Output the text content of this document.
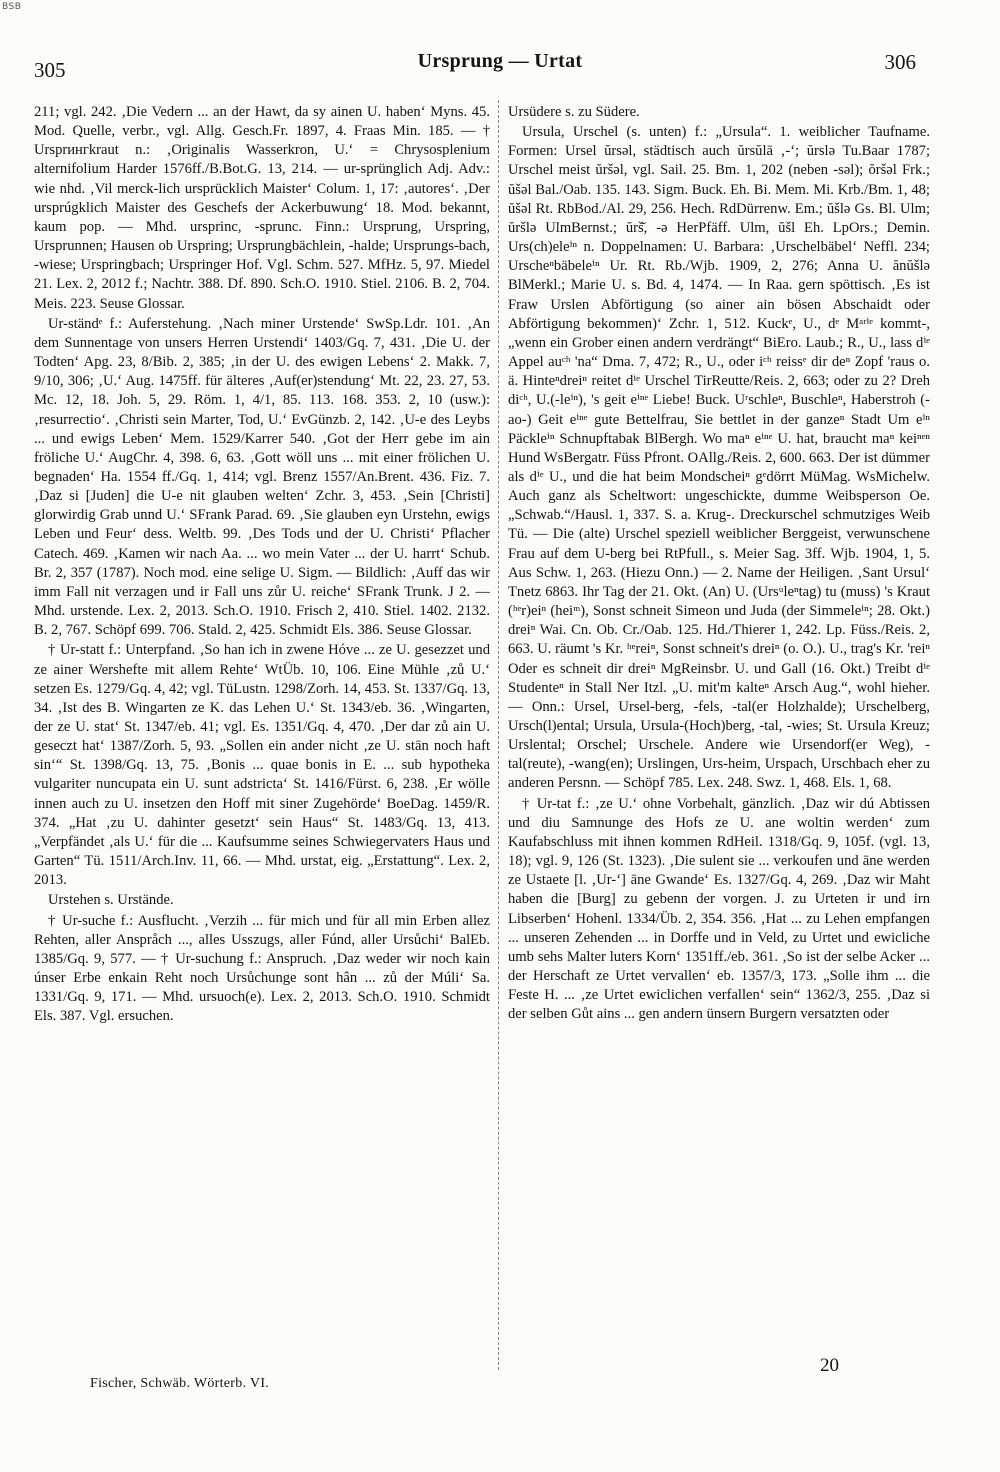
BSB
305	Ursprung — Urtat	306

211; vgl. 242. ‚Die Vedern ... an der Hawt, da sy ainen U. haben‘ Myns. 45. Mod. Quelle, verbr., vgl. Allg. Gesch.Fr. 1897, 4. Fraas Min. 185. — † Ursprингkraut n.: ‚Originalis Wasserkron, U.‘ = Chrysosplenium alternifolium Harder 1576ff./B.Bot.G. 13, 214. — ur-sprünglich Adj. Adv.: wie nhd. ‚Vil merck-lich ursprücklich Maister‘ Colum. 1, 17: ‚autores‘. ‚Der ursprúgklich Maister des Geschefs der Ackerbuwung‘ 18. Mod. bekannt, kaum pop. — Mhd. ursprinc, -sprunc. Finn.: Ursprung, Urspring, Ursprunnen; Hausen ob Urspring; Ursprungbächlein, -halde; Ursprungs-bach, -wiese; Urspringbach; Urspringer Hof. Vgl. Schm. 527. MfHz. 5, 97. Miedel 21. Lex. 2, 2012 f.; Nachtr. 388. Df. 890. Sch.O. 1910. Stiel. 2106. B. 2, 704. Meis. 223. Seuse Glossar.

Ur-ständᵉ f.: Auferstehung. ‚Nach miner Urstende‘ SwSp.Ldr. 101. ‚An dem Sunnentage von unsers Herren Urstendi‘ 1403/Gq. 7, 431. ‚Die U. der Todten‘ Apg. 23, 8/Bib. 2, 385; ‚in der U. des ewigen Lebens‘ 2. Makk. 7, 9/10, 306; ‚U.‘ Aug. 1475ff. für älteres ‚Auf(er)stendung‘ Mt. 22, 23. 27, 53. Mc. 12, 18. Joh. 5, 29. Röm. 1, 4/1, 85. 113. 168. 353. 2, 10 (usw.): ‚resurrectio‘. ‚Christi sein Marter, Tod, U.‘ EvGünzb. 2, 142. ‚U-e des Leybs ... und ewigs Leben‘ Mem. 1529/Karrer 540. ‚Got der Herr gebe im ain fröliche U.‘ AugChr. 4, 398. 6, 63. ‚Gott wöll uns ... mit einer frölichen U. begnaden‘ Ha. 1554 ff./Gq. 1, 414; vgl. Brenz 1557/An.Brent. 436. Fiz. 7. ‚Daz si [Juden] die U-e nit glauben welten‘ Zchr. 3, 453. ‚Sein [Christi] glorwirdig Grab unnd U.‘ SFrank Parad. 69. ‚Sie glauben eyn Urstehn, ewigs Leben und Feur‘ dess. Weltb. 99. ‚Des Tods und der U. Christi‘ Pflacher Catech. 469. ‚Kamen wir nach Aa. ... wo mein Vater ... der U. harrt‘ Schub. Br. 2, 357 (1787). Noch mod. eine selige U. Sigm. — Bildlich: ‚Auff das wir imm Fall nit verzagen und ir Fall uns zůr U. reiche‘ SFrank Trunk. J 2. — Mhd. urstende. Lex. 2, 2013. Sch.O. 1910. Frisch 2, 410. Stiel. 1402. 2132. B. 2, 767. Schöpf 699. 706. Stald. 2, 425. Schmidt Els. 386. Seuse Glossar.

† Ur-statt f.: Unterpfand. ‚So han ich in zwene Hóve ... ze U. gesezzet und ze ainer Wersheftе mit allem Rehte‘ WtÜb. 10, 106. Eine Mühle ‚zů U.‘ setzen Es. 1279/Gq. 4, 42; vgl. TüLustn. 1298/Zorh. 14, 453. St. 1337/Gq. 13, 34. ‚Ist des B. Wingarten ze K. das Lehen U.‘ St. 1343/eb. 36. ‚Wingarten, der ze U. stat‘ St. 1347/eb. 41; vgl. Es. 1351/Gq. 4, 470. ‚Der dar zů ain U. geseczt hat‘ 1387/Zorh. 5, 93. „Sollen ein ander nicht ‚ze U. stān noch haft sin‘“ St. 1398/Gq. 13, 75. ‚Bonis ... quae bonis in E. ... sub hypotheka vulgariter nuncupata ein U. sunt adstricta‘ St. 1416/Fürst. 6, 238. ‚Er wölle innen auch zu U. insetzen den Hoff mit siner Zugehörde‘ BoeDag. 1459/R. 374. „Hat ‚zu U. dahinter gesetzt‘ sein Haus“ St. 1483/Gq. 13, 413. „Verpfändet ‚als U.‘ für die ... Kaufsumme seines Schwiegervaters Haus und Garten“ Tü. 1511/Arch.Inv. 11, 66. — Mhd. urstat, eig. „Erstattung“. Lex. 2, 2013.

Urstehen s. Urstände.

† Ur-suche f.: Ausflucht. ‚Verzih ... für mich und für all min Erben allez Rehten, aller Anspråch ..., alles Usszugs, aller Fúnd, aller Ursůchi‘ BalEb. 1385/Gq. 9, 577. — † Ur-suchung f.: Anspruch. ‚Daz weder wir noch kain únser Erbe enkain Reht noch Ursůchunge sont hân ... zů der Múli‘ Sa. 1331/Gq. 9, 171. — Mhd. ursuoch(e). Lex. 2, 2013. Sch.O. 1910. Schmidt Els. 387. Vgl. ersuchen.

Ursüdere s. zu Südere.

Ursula, Urschel (s. unten) f.: „Ursula“. 1. weiblicher Taufname. Formen: Ursel ŭrsəl, städtisch auch ŭrsŭlā ‚-‘; ŭrslə Tu.Baar 1787; Urschel meist ŭršəl, vgl. Sail. 25. Bm. 1, 202 (neben -səl); ŏršəl Frk.; ŭšəl Bal./Oab. 135. 143. Sigm. Buck. Eh. Bi. Mem. Mi. Krb./Bm. 1, 48; ŭšəl Rt. RbBod./Al. 29, 256. Hech. RdDürrenw. Em.; ŭšlə Gs. Bl. Ulm; ŭršlə UlmBernst.; ŭrš̆, -ə HerPfäff. Ulm, ŭšl Eh. LpOrs.; Demin. Urs(ch)eleⁱⁿ n. Doppelnamen: U. Barbara: ‚Urschelbäbel‘ Neffl. 234; Urscheⁿbäbeleⁱⁿ Ur. Rt. Rb./Wjb. 1909, 2, 276; Anna U. ănŭšlə BlMerkl.; Marie U. s. Bd. 4, 1474. — In Raa. gern spöttisch. ‚Es ist Fraw Urslen Abförtigung (so ainer ain bösen Abschaidt oder Abförtigung bekommen)‘ Zchr. 1, 512. Kuckᵉ, U., dᵉ Mᵃʳⁱᵉ kommt-,„wenn ein Grober einen andern verdrängt“ BiEro. Laub.; R., U., lass dⁱᵉ Appel auᶜʰ 'na“ Dma. 7, 472; R., U., oder iᶜʰ reissᵉ dir deⁿ Zopf 'raus o. ä. Hinteⁿdreiⁿ reitet dⁱᵉ Urschel TirReutte/Reis. 2, 663; oder zu 2? Dreh diᶜʰ, U.(-leⁱⁿ), 's geit eⁱⁿᵉ Liebe! Buck. Uʳschleⁿ, Buschleⁿ, Haberstroh (-ao-) Geit eⁱⁿᵉ gute Bettelfrau, Sie bettlet in der ganzeⁿ Stadt Um eⁱⁿ Päckleⁱⁿ Schnupftabak BlBergh. Wo maⁿ eⁱⁿᵉ U. hat, braucht maⁿ keiⁿᵉⁿ Hund WsBergatr. Füss Pfront. OAllg./Reis. 2, 600. 663. Der ist dümmer als dⁱᵉ U., und die hat beim Mondscheiⁿ gᵉdörrt MüMag. WsMichelw. Auch ganz als Scheltwort: ungeschickte, dumme Weibsperson Oe. „Schwab.“/Hausl. 1, 337. S. a. Krug-. Dreckurschel schmutziges Weib Tü. — Die (alte) Urschel speziell weiblicher Berggeist, verwunschene Frau auf dem U-berg bei RtPfull., s. Meier Sag. 3ff. Wjb. 1904, 1, 5. Aus Schw. 1, 263. (Hiezu Onn.) — 2. Name der Heiligen. ‚Sant Ursul‘ Tnetz 6863. Ihr Tag der 21. Okt. (An) U. (Ursᵘleⁿtag) tu (muss) 's Kraut (ʰᵉr)eiⁿ (heiᵐ), Sonst schneit Simeon und Juda (der Simmeleⁱⁿ; 28. Okt.) dreiⁿ Wai. Cn. Ob. Cr./Oab. 125. Hd./Thierer 1, 242. Lp. Füss./Reis. 2, 663. U. räumt 's Kr. ʰᵉreiⁿ, Sonst schneit's dreiⁿ (o. O.). U., trag's Kr. 'reiⁿ Oder es schneit dir dreiⁿ MgReinsbr. U. und Gall (16. Okt.) Treibt dⁱᵉ Studenteⁿ in Stall Ner Itzl. „U. mit'm kalteⁿ Arsch Aug.“, wohl hieher. — Onn.: Ursel, Ursel-berg, -fels, -tal(er Holzhalde); Urschelberg, Ursch(l)ental; Ursula, Ursula-(Hoch)berg, -tal, -wies; St. Ursula Kreuz; Urslental; Orschel; Urschele. Andere wie Ursendorf(er Weg), -tal(reute), -wang(en); Urslingen, Urs-heim, Urspach, Urschbach eher zu anderen Persnn. — Schöpf 785. Lex. 248. Swz. 1, 468. Els. 1, 68.

† Ur-tat f.: ‚ze U.‘ ohne Vorbehalt, gänzlich. ‚Daz wir dú Abtissen und diu Samnunge des Hofs ze U. ane woltin werden‘ zum Kaufabschluss mit ihnen kommen RdHeil. 1318/Gq. 9, 105f. (vgl. 13, 18); vgl. 9, 126 (St. 1323). ‚Die sulent sie ... verkoufen und āne werden ze Ustaete [l. ‚Ur-‘] āne Gwande‘ Es. 1327/Gq. 4, 269. ‚Daz wir Maht haben die [Burg] zu gebenn der vorgen. J. zu Urteten ir und irn Libserben‘ Hohenl. 1334/Üb. 2, 354. 356. ‚Hat ... zu Lehen empfangen ... unseren Zehenden ... in Dorffe und in Veld, zu Urtet und ewicliche umb sehs Malter luters Korn‘ 1351ff./eb. 361. ‚So ist der selbe Acker ... der Herschaft ze Urtet vervallen‘ eb. 1357/3, 173. „Solle ihm ... die Feste H. ... ‚ze Urtet ewiclichen verfallen‘ sein“ 1362/3, 255. ‚Daz si der selben Gůt ains ... gen andern ünsern Burgern versatzten oder

Fischer, Schwäb. Wörterb. VI.
20
